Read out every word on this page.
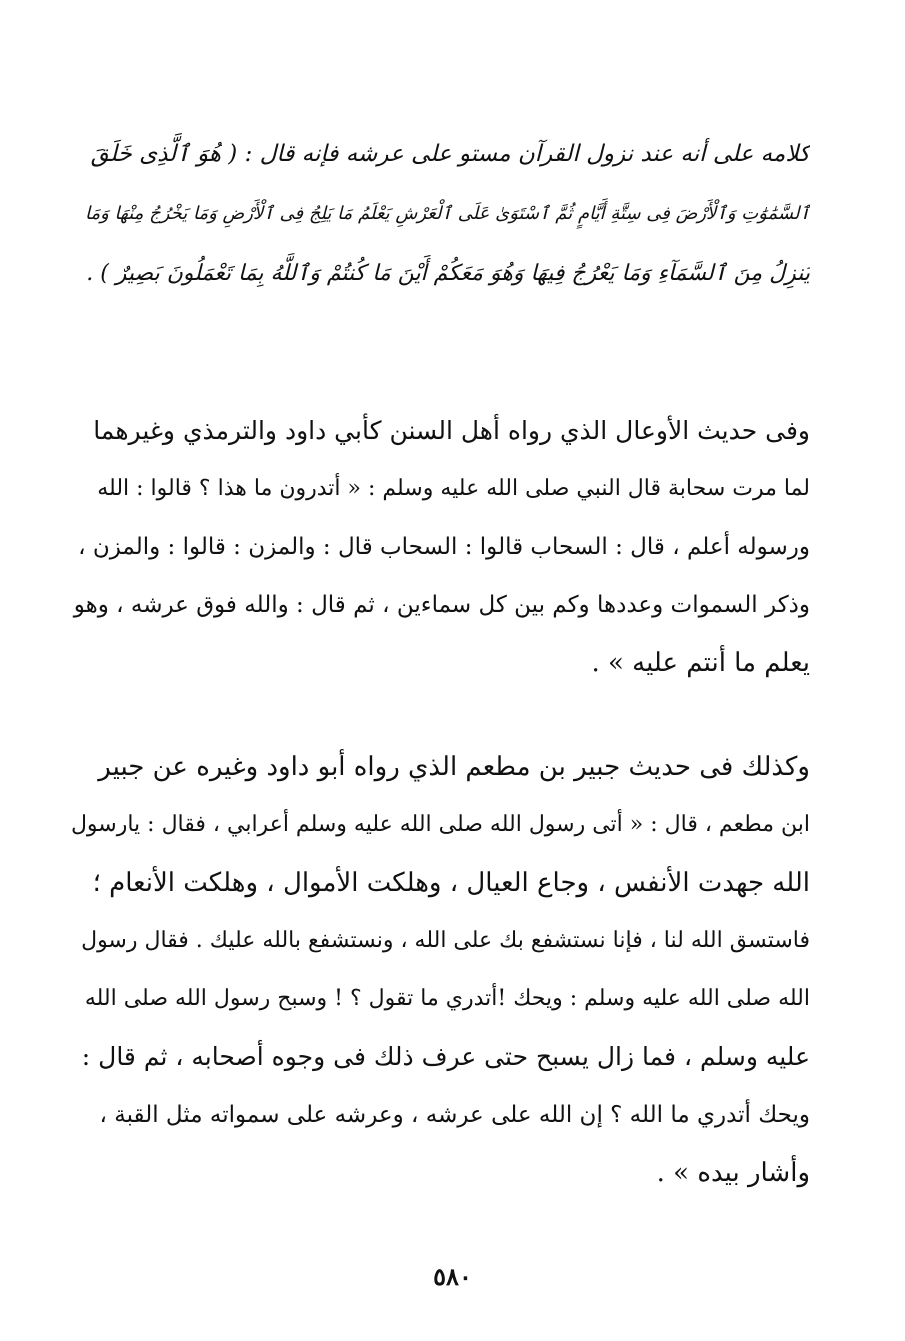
كلامه على أنه عند نزول القرآن مستو على عرشه فإنه قال : ( هُوَ ٱلَّذِى خَلَقَ
ٱلسَّمَٰوَٰتِ وَٱلْأَرْضَ فِى سِتَّةِ أَيَّامٍ ثُمَّ ٱسْتَوَىٰ عَلَى ٱلْعَرْشِ يَعْلَمُ مَا يَلِجُ فِى ٱلْأَرْضِ وَمَا يَخْرُجُ مِنْهَا وَمَا
يَنزِلُ مِنَ ٱلسَّمَآءِ وَمَا يَعْرُجُ فِيهَا وَهُوَ مَعَكُمْ أَيْنَ مَا كُنتُمْ وَٱللَّهُ بِمَا تَعْمَلُونَ بَصِيرٌ ) .
وفى حديث الأوعال الذي رواه أهل السنن كأبي داود والترمذي وغيرهما
لما مرت سحابة قال النبي صلى الله عليه وسلم : « أتدرون ما هذا ؟ قالوا : الله
ورسوله أعلم ، قال : السحاب قالوا : السحاب قال : والمزن : قالوا : والمزن ،
وذكر السموات وعددها وكم بين كل سماءين ، ثم قال : والله فوق عرشه ، وهو
يعلم ما أنتم عليه » .
وكذلك فى حديث جبير بن مطعم الذي رواه أبو داود وغيره عن جبير
ابن مطعم ، قال : « أتى رسول الله صلى الله عليه وسلم أعرابي ، فقال : يارسول
الله جهدت الأنفس ، وجاع العيال ، وهلكت الأموال ، وهلكت الأنعام ؛
فاستسق الله لنا ، فإنا نستشفع بك على الله ، ونستشفع بالله عليك . فقال رسول
الله صلى الله عليه وسلم : ويحك !أتدري ما تقول ؟ ! وسبح رسول الله صلى الله
عليه وسلم ، فما زال يسبح حتى عرف ذلك فى وجوه أصحابه ، ثم قال :
ويحك أتدري ما الله ؟ إن الله على عرشه ، وعرشه على سمواته مثل القبة ،
وأشار بيده » .
٥٨٠
